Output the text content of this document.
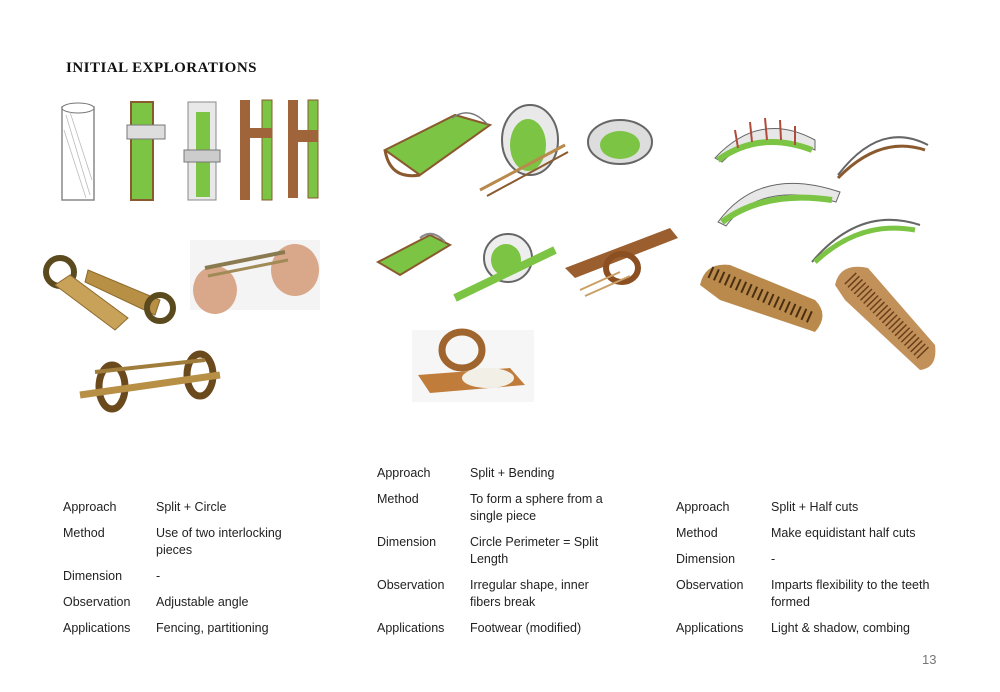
INITIAL EXPLORATIONS
Approach	Split + Circle
Method	Use of two interlocking pieces
Dimension	-
Observation Adjustable angle
Applications Fencing, partitioning
Approach	Split + Bending
Method	To form a sphere from a single piece
Dimension	Circle Perimeter = Split Length
Observation Irregular shape, inner fibers break
Applications Footwear (modified)
Approach	Split + Half cuts
Method	Make equidistant half cuts
Dimension	-
Observation Imparts flexibility to the teeth formed
Applications Light & shadow, combing
13
